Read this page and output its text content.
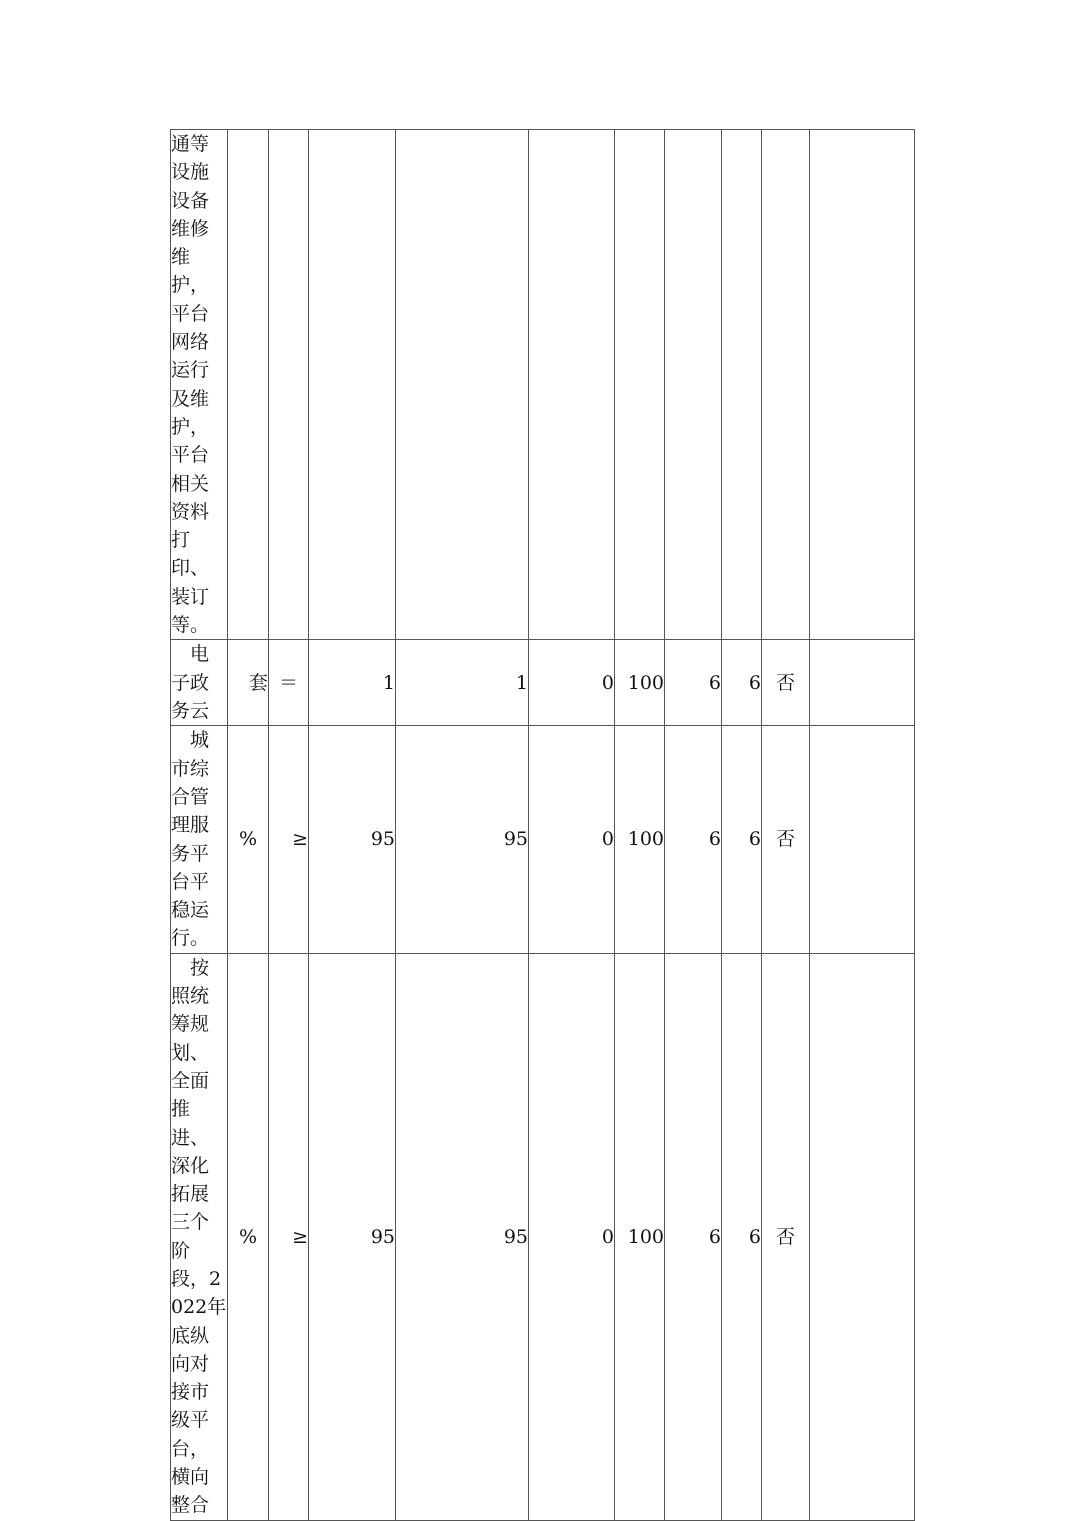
通等设施设备维修维护，平台网络运行及维护，平台相关资料打印、装订等。										

电子政务云	套	＝	1	1	0	100	6	6	否	

城市综合管理服务平台平稳运行。	%	≥	95	95	0	100	6	6	否	

按照统筹规划、全面推进、深化拓展三个阶段，2022年底纵向对接市级平台，横向整合	%	≥	95	95	0	100	6	6	否	
